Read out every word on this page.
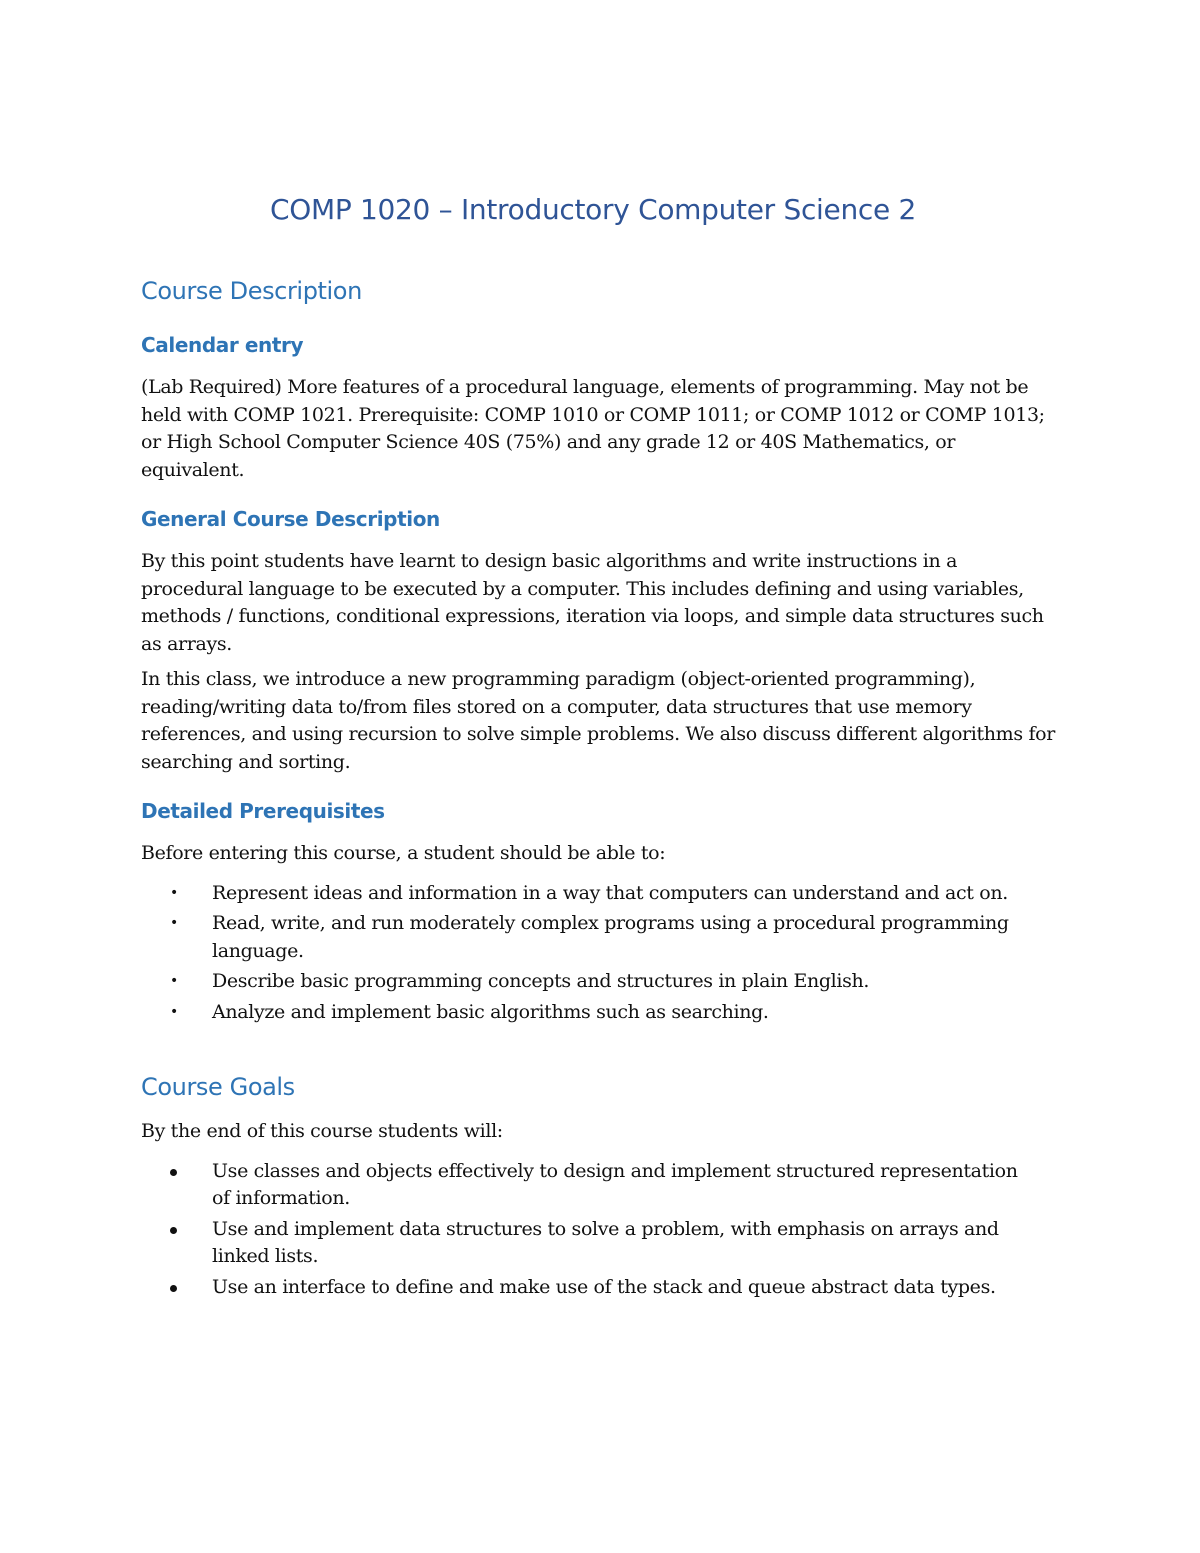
COMP 1020 – Introductory Computer Science 2
Course Description
Calendar entry

(Lab Required) More features of a procedural language, elements of programming. May not be held with COMP 1021. Prerequisite: COMP 1010 or COMP 1011; or COMP 1012 or COMP 1013; or High School Computer Science 40S (75%) and any grade 12 or 40S Mathematics, or equivalent.

General Course Description

By this point students have learnt to design basic algorithms and write instructions in a procedural language to be executed by a computer. This includes defining and using variables, methods / functions, conditional expressions, iteration via loops, and simple data structures such as arrays.

In this class, we introduce a new programming paradigm (object-oriented programming), reading/writing data to/from files stored on a computer, data structures that use memory references, and using recursion to solve simple problems. We also discuss different algorithms for searching and sorting.

Detailed Prerequisites

Before entering this course, a student should be able to:

• Represent ideas and information in a way that computers can understand and act on.
• Read, write, and run moderately complex programs using a procedural programming language.
• Describe basic programming concepts and structures in plain English.
• Analyze and implement basic algorithms such as searching.
Course Goals

By the end of this course students will:

Use classes and objects effectively to design and implement structured representation of information.
Use and implement data structures to solve a problem, with emphasis on arrays and linked lists.
Use an interface to define and make use of the stack and queue abstract data types.
